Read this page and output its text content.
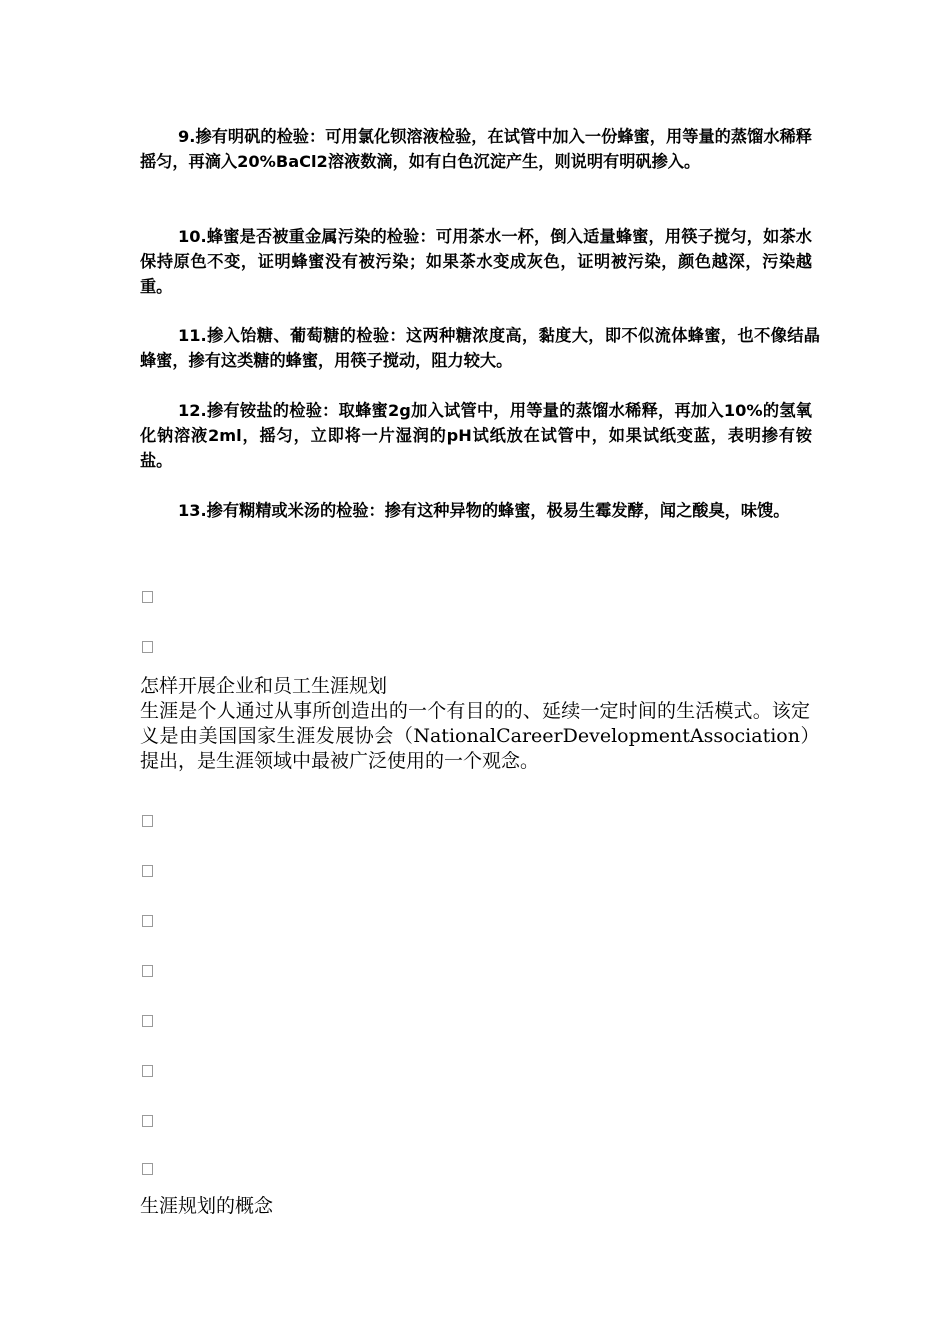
9.掺有明矾的检验：可用氯化钡溶液检验，在试管中加入一份蜂蜜，用等量的蒸馏水稀释摇匀，再滴入20%BaCl2溶液数滴，如有白色沉淀产生，则说明有明矾掺入。

10.蜂蜜是否被重金属污染的检验：可用茶水一杯，倒入适量蜂蜜，用筷子搅匀，如茶水保持原色不变，证明蜂蜜没有被污染；如果茶水变成灰色，证明被污染，颜色越深，污染越重。

11.掺入饴糖、葡萄糖的检验：这两种糖浓度高，黏度大，即不似流体蜂蜜，也不像结晶蜂蜜，掺有这类糖的蜂蜜，用筷子搅动，阻力较大。

12.掺有铵盐的检验：取蜂蜜2g加入试管中，用等量的蒸馏水稀释，再加入10%的氢氧化钠溶液2ml，摇匀，立即将一片湿润的pH试纸放在试管中，如果试纸变蓝，表明掺有铵盐。

13.掺有糊精或米汤的检验：掺有这种异物的蜂蜜，极易生霉发酵，闻之酸臭，味馊。

怎样开展企业和员工生涯规划

生涯是个人通过从事所创造出的一个有目的的、延续一定时间的生活模式。该定义是由美国国家生涯发展协会（NationalCareerDevelopmentAssociation）提出，是生涯领域中最被广泛使用的一个观念。

生涯规划的概念
